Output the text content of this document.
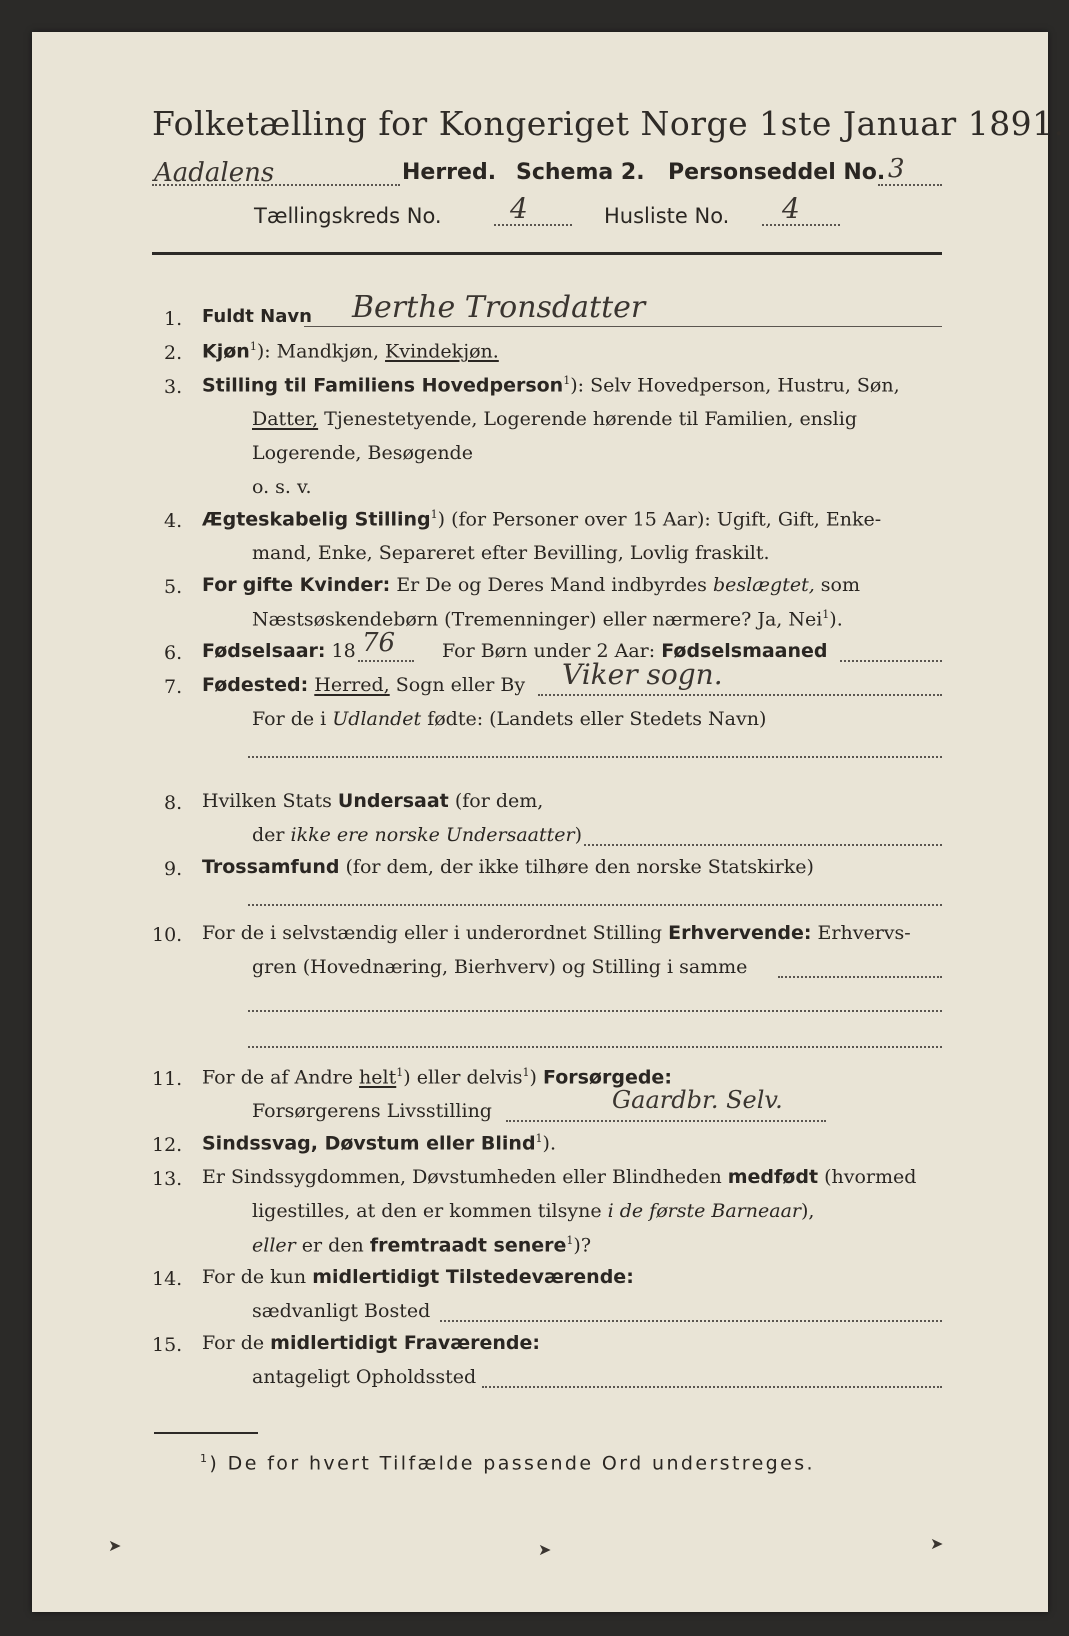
Folketælling for Kongeriget Norge 1ste Januar 1891.
Aadalens	Herred. Schema 2. Personseddel No. 3
Tællingskreds No. 4	Husliste No. 4
1. Fuldt Navn Berthe Tronsdatter
2. Kjøn$^1$): Mandkjøn, Kvindekjøn.
3. Stilling til Familiens Hovedperson$^1$): Selv Hovedperson, Hustru, Søn,
Datter, Tjenestetyende, Logerende hørende til Familien, enslig
Logerende, Besøgende
o. s. v.
4. Ægteskabelig Stilling$^1$) (for Personer over 15 Aar): Ugift, Gift, Enke-
mand, Enke, Separeret efter Bevilling, Lovlig fraskilt.
5. For gifte Kvinder: Er De og Deres Mand indbyrdes beslægtet, som
Næstsøskendebørn (Tremenninger) eller nærmere? Ja, Nei$^1$).
6. Fødselsaar: 18 76 For Børn under 2 Aar: Fødselsmaaned
7. Fødested: Herred, Sogn eller By Viker sogn.
For de i Udlandet fødte: (Landets eller Stedets Navn)
8. Hvilken Stats Undersaat (for dem,
der ikke ere norske Undersaatter)
9. Trossamfund (for dem, der ikke tilhøre den norske Statskirke)
10. For de i selvstændig eller i underordnet Stilling Erhvervende: Erhvervs-
gren (Hovednæring, Bierhverv) og Stilling i samme
11. For de af Andre helt$^1$) eller delvis$^1$) Forsørgede:
Forsørgerens Livsstilling	Gaardbr. Selv.
12. Sindssvag, Døvstum eller Blind$^1$).
13. Er Sindssygdommen, Døvstumheden eller Blindheden medfødt (hvormed
ligestilles, at den er kommen tilsyne i de første Barneaar),
eller er den fremtraadt senere$^1$)?
14. For de kun midlertidigt Tilstedeværende:
sædvanligt Bosted
15. For de midlertidigt Fraværende:
antageligt Opholdssted
$^1$) De for hvert Tilfælde passende Ord understreges.
➤	➤	➤
